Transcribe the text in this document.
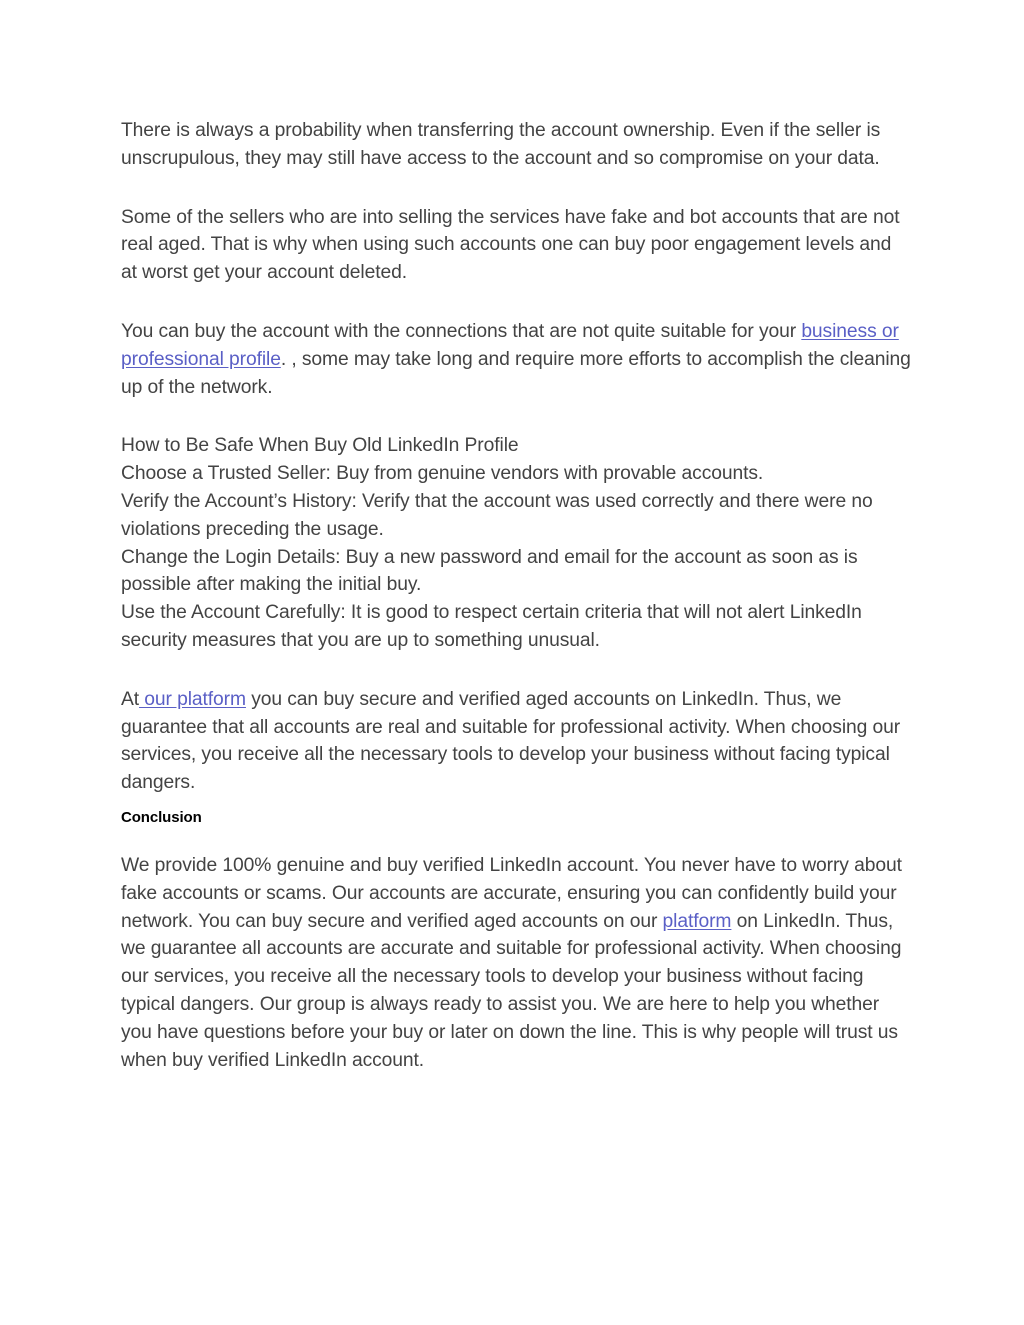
There is always a probability when transferring the account ownership. Even if the seller is unscrupulous, they may still have access to the account and so compromise on your data.

Some of the sellers who are into selling the services have fake and bot accounts that are not real aged. That is why when using such accounts one can buy poor engagement levels and at worst get your account deleted.

You can buy the account with the connections that are not quite suitable for your business or professional profile. , some may take long and require more efforts to accomplish the cleaning up of the network.

How to Be Safe When Buy Old LinkedIn Profile
Choose a Trusted Seller: Buy from genuine vendors with provable accounts.
Verify the Account’s History: Verify that the account was used correctly and there were no violations preceding the usage.
Change the Login Details: Buy a new password and email for the account as soon as is possible after making the initial buy.
Use the Account Carefully: It is good to respect certain criteria that will not alert LinkedIn security measures that you are up to something unusual.

At our platform you can buy secure and verified aged accounts on LinkedIn. Thus, we guarantee that all accounts are real and suitable for professional activity. When choosing our services, you receive all the necessary tools to develop your business without facing typical dangers.

Conclusion

We provide 100% genuine and buy verified LinkedIn account. You never have to worry about fake accounts or scams. Our accounts are accurate, ensuring you can confidently build your network. You can buy secure and verified aged accounts on our platform on LinkedIn. Thus, we guarantee all accounts are accurate and suitable for professional activity. When choosing our services, you receive all the necessary tools to develop your business without facing typical dangers. Our group is always ready to assist you. We are here to help you whether you have questions before your buy or later on down the line. This is why people will trust us when buy verified LinkedIn account.
